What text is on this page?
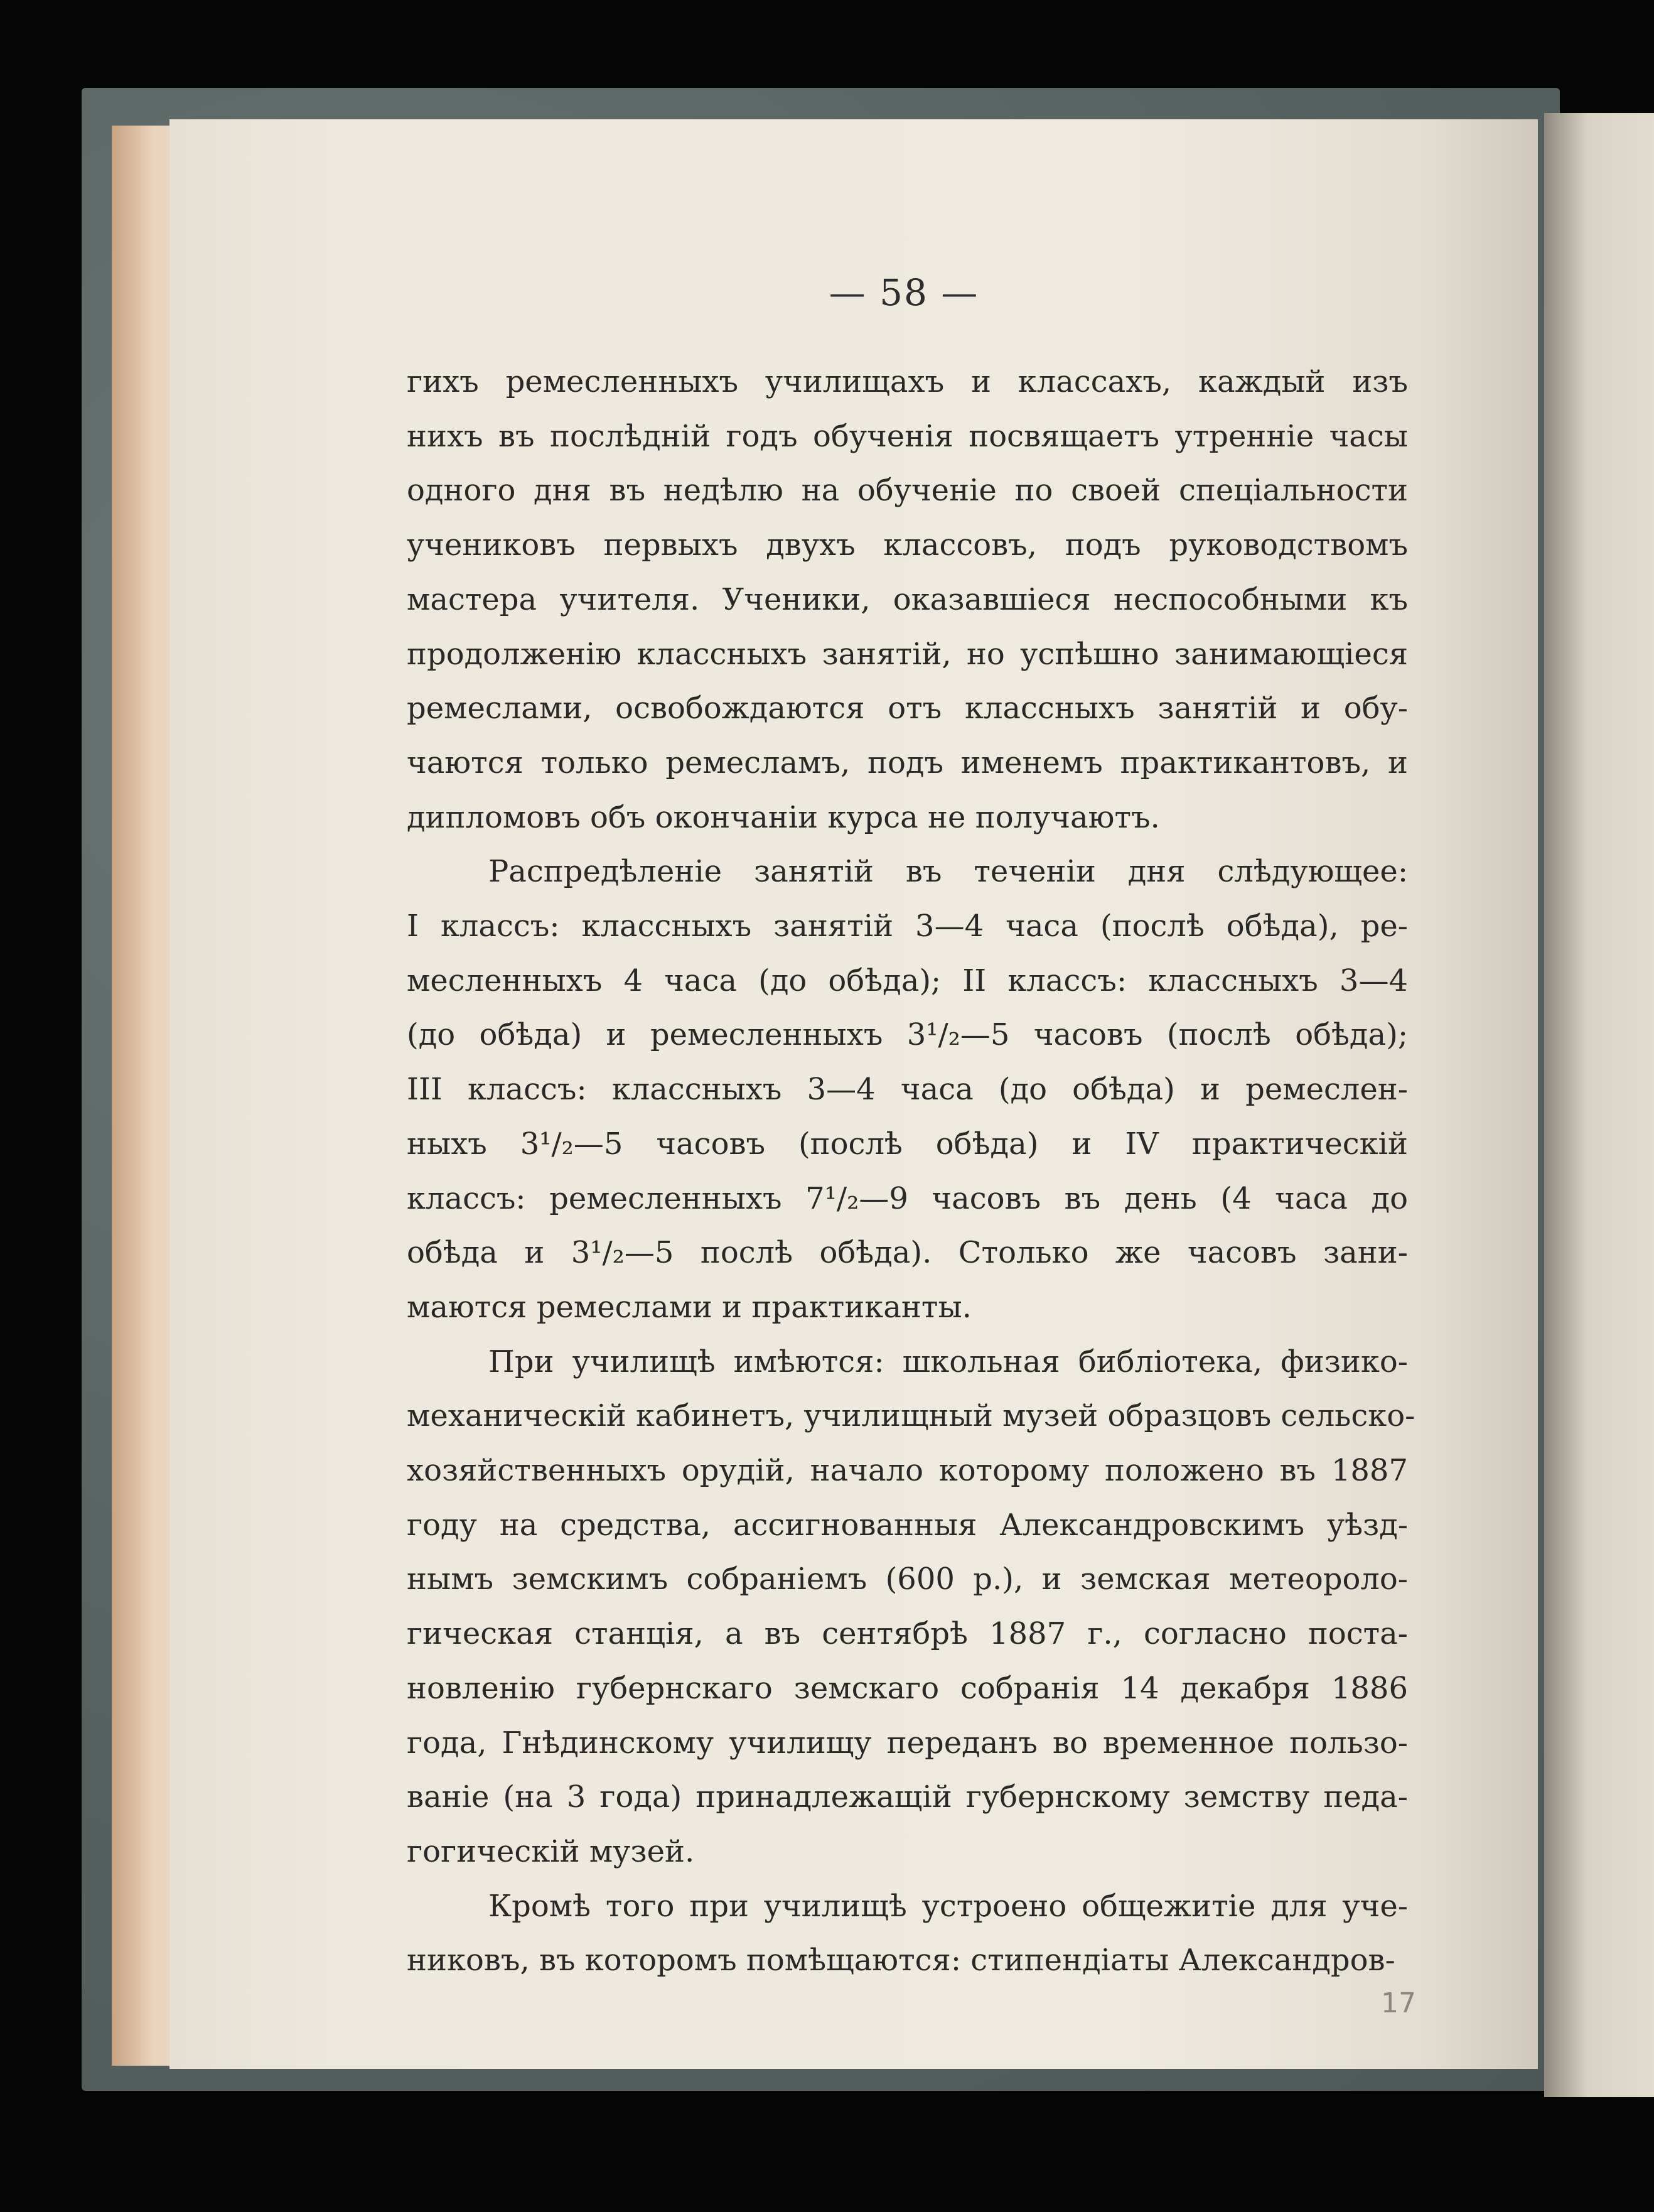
— 58 —
гихъ ремесленныхъ училищахъ и классахъ, каждый изъ
нихъ въ послѣдній годъ обученія посвящаетъ утренніе часы
одного дня въ недѣлю на обученіе по своей спеціальности
учениковъ первыхъ двухъ классовъ, подъ руководствомъ
мастера учителя. Ученики, оказавшіеся неспособными къ
продолженію классныхъ занятій, но успѣшно занимающіеся
ремеслами, освобождаются отъ классныхъ занятій и обу-
чаются только ремесламъ, подъ именемъ практикантовъ, и
дипломовъ объ окончаніи курса не получаютъ.
Распредѣленіе занятій въ теченіи дня слѣдующее:
I классъ: классныхъ занятій 3—4 часа (послѣ обѣда), ре-
месленныхъ 4 часа (до обѣда); II классъ: классныхъ 3—4
(до обѣда) и ремесленныхъ 3¹/₂—5 часовъ (послѣ обѣда);
III классъ: классныхъ 3—4 часа (до обѣда) и ремеслен-
ныхъ 3¹/₂—5 часовъ (послѣ обѣда) и IV практическій
классъ: ремесленныхъ 7¹/₂—9 часовъ въ день (4 часа до
обѣда и 3¹/₂—5 послѣ обѣда). Столько же часовъ зани-
маются ремеслами и практиканты.
При училищѣ имѣются: школьная библіотека, физико-
механическій кабинетъ, училищный музей образцовъ сельско-
хозяйственныхъ орудій, начало которому положено въ 1887
году на средства, ассигнованныя Александровскимъ уѣзд-
нымъ земскимъ собраніемъ (600 р.), и земская метеороло-
гическая станція, а въ сентябрѣ 1887 г., согласно поста-
новленію губернскаго земскаго собранія 14 декабря 1886
года, Гнѣдинскому училищу переданъ во временное пользо-
ваніе (на 3 года) принадлежащій губернскому земству педа-
гогическій музей.
Кромѣ того при училищѣ устроено общежитіе для уче-
никовъ, въ которомъ помѣщаются: стипендіаты Александров-
17
